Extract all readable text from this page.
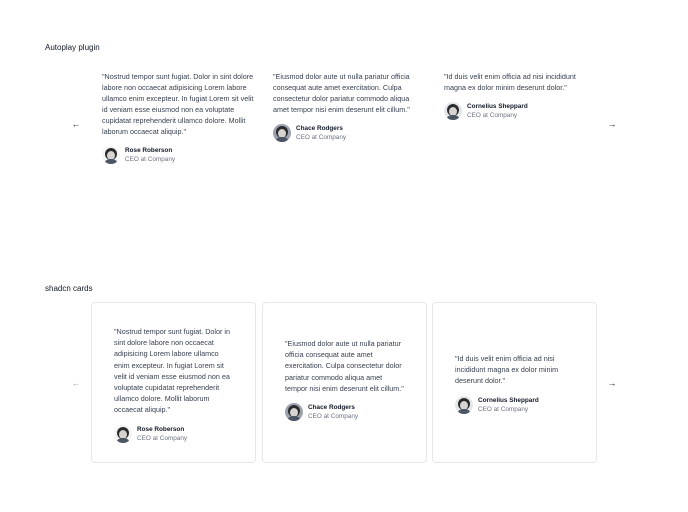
Autoplay plugin
←	→

"Nostrud tempor sunt fugiat. Dolor in sint dolore labore non occaecat adipisicing Lorem labore ullamco enim excepteur. In fugiat Lorem sit velit id veniam esse eiusmod non ea voluptate cupidatat reprehenderit ullamco dolore. Mollit laborum occaecat aliquip."

Rose Roberson
CEO at Company

"Eiusmod dolor aute ut nulla pariatur officia consequat aute amet exercitation. Culpa consectetur dolor pariatur commodo aliqua amet tempor nisi enim deserunt elit cillum."

Chace Rodgers
CEO at Company

"Id duis velit enim officia ad nisi incididunt magna ex dolor minim deserunt dolor."

Cornelius Sheppard
CEO at Company
shadcn cards
←	→

"Nostrud tempor sunt fugiat. Dolor in sint dolore labore non occaecat adipisicing Lorem labore ullamco enim excepteur. In fugiat Lorem sit velit id veniam esse eiusmod non ea voluptate cupidatat reprehenderit ullamco dolore. Mollit laborum occaecat aliquip."

Rose Roberson
CEO at Company

"Eiusmod dolor aute ut nulla pariatur officia consequat aute amet exercitation. Culpa consectetur dolor pariatur commodo aliqua amet tempor nisi enim deserunt elit cillum."

Chace Rodgers
CEO at Company

"Id duis velit enim officia ad nisi incididunt magna ex dolor minim deserunt dolor."

Cornelius Sheppard
CEO at Company
